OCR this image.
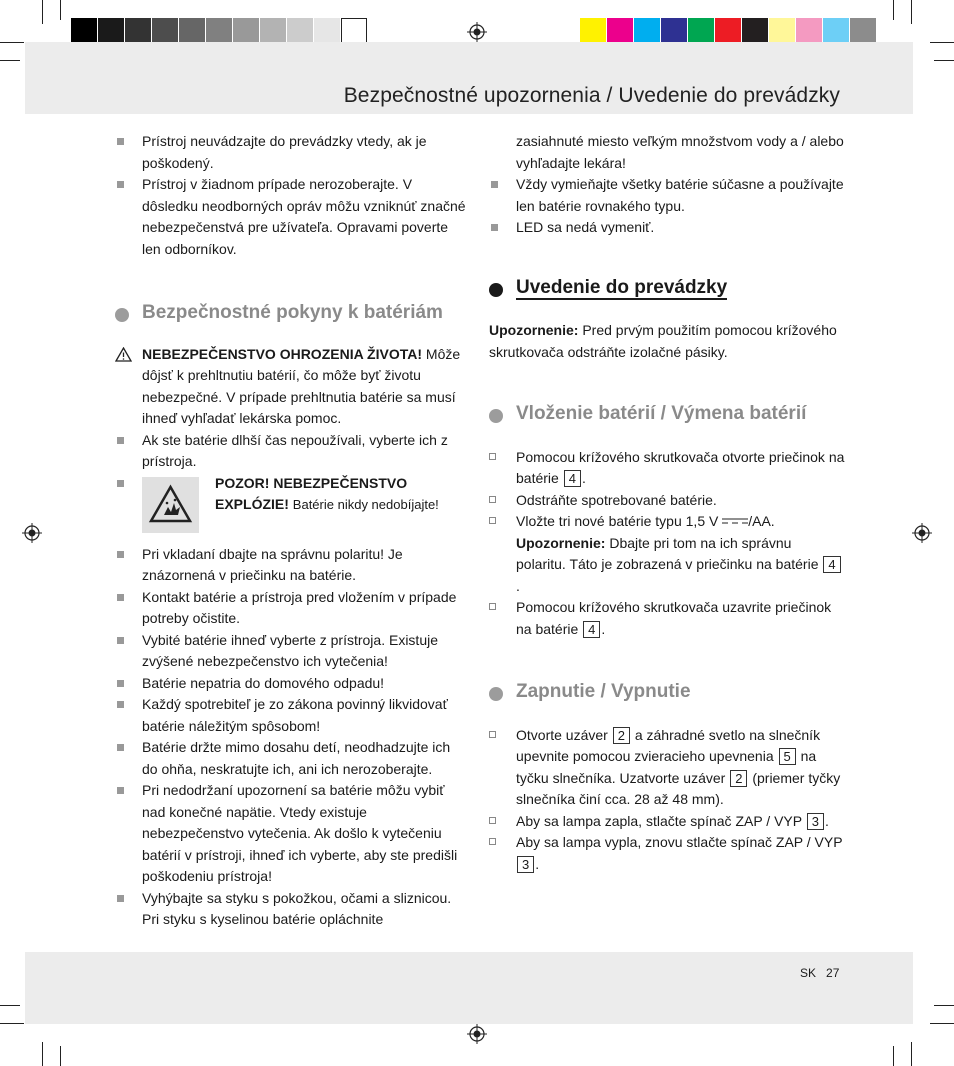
Bezpečnostné upozornenia / Uvedenie do prevádzky
Prístroj neuvádzajte do prevádzky vtedy, ak je poškodený.
Prístroj v žiadnom prípade nerozoberajte. V dôsledku neodborných opráv môžu vzniknúť značné nebezpečenstvá pre užívateľa. Opravami poverte len odborníkov.
Bezpečnostné pokyny k batériám
NEBEZPEČENSTVO OHROZENIA ŽIVOTA! Môže dôjsť k prehltnutiu batérií, čo môže byť životu nebezpečné. V prípade prehltnutia batérie sa musí ihneď vyhľadať lekárska pomoc.
Ak ste batérie dlhší čas nepoužívali, vyberte ich z prístroja.
POZOR! NEBEZPEČENSTVO EXPLÓZIE! Batérie nikdy nedobíjajte!
Pri vkladaní dbajte na správnu polaritu! Je znázornená v priečinku na batérie.
Kontakt batérie a prístroja pred vložením v prípade potreby očistite.
Vybité batérie ihneď vyberte z prístroja. Existuje zvýšené nebezpečenstvo ich vytečenia!
Batérie nepatria do domového odpadu!
Každý spotrebiteľ je zo zákona povinný likvidovať batérie náležitým spôsobom!
Batérie držte mimo dosahu detí, neodhadzujte ich do ohňa, neskratujte ich, ani ich nerozoberajte.
Pri nedodržaní upozornení sa batérie môžu vybiť nad konečné napätie. Vtedy existuje nebezpečenstvo vytečenia. Ak došlo k vytečeniu batérií v prístroji, ihneď ich vyberte, aby ste predišli poškodeniu prístroja!
Vyhýbajte sa styku s pokožkou, očami a sliznicou. Pri styku s kyselinou batérie opláchnite
zasiahnuté miesto veľkým množstvom vody a / alebo vyhľadajte lekára!
Vždy vymieňajte všetky batérie súčasne a používajte len batérie rovnakého typu.
LED sa nedá vymeniť.
Uvedenie do prevádzky
Upozornenie: Pred prvým použitím pomocou krížového skrutkovača odstráňte izolačné pásiky.
Vloženie batérií / Výmena batérií
Pomocou krížového skrutkovača otvorte priečinok na batérie 4 .
Odstráňte spotrebované batérie.
Vložte tri nové batérie typu 1,5 V /AA.
Upozornenie: Dbajte pri tom na ich správnu polaritu. Táto je zobrazená v priečinku na batérie 4.
Pomocou krížového skrutkovača uzavrite priečinok na batérie 4 .
Zapnutie / Vypnutie
Otvorte uzáver 2 a záhradné svetlo na slnečník upevnite pomocou zvieracieho upevnenia 5 na tyčku slnečníka. Uzatvorte uzáver 2 (priemer tyčky slnečníka činí cca. 28 až 48 mm).
Aby sa lampa zapla, stlačte spínač ZAP / VYP 3 .
Aby sa lampa vypla, znovu stlačte spínač ZAP / VYP 3 .
SK 27
